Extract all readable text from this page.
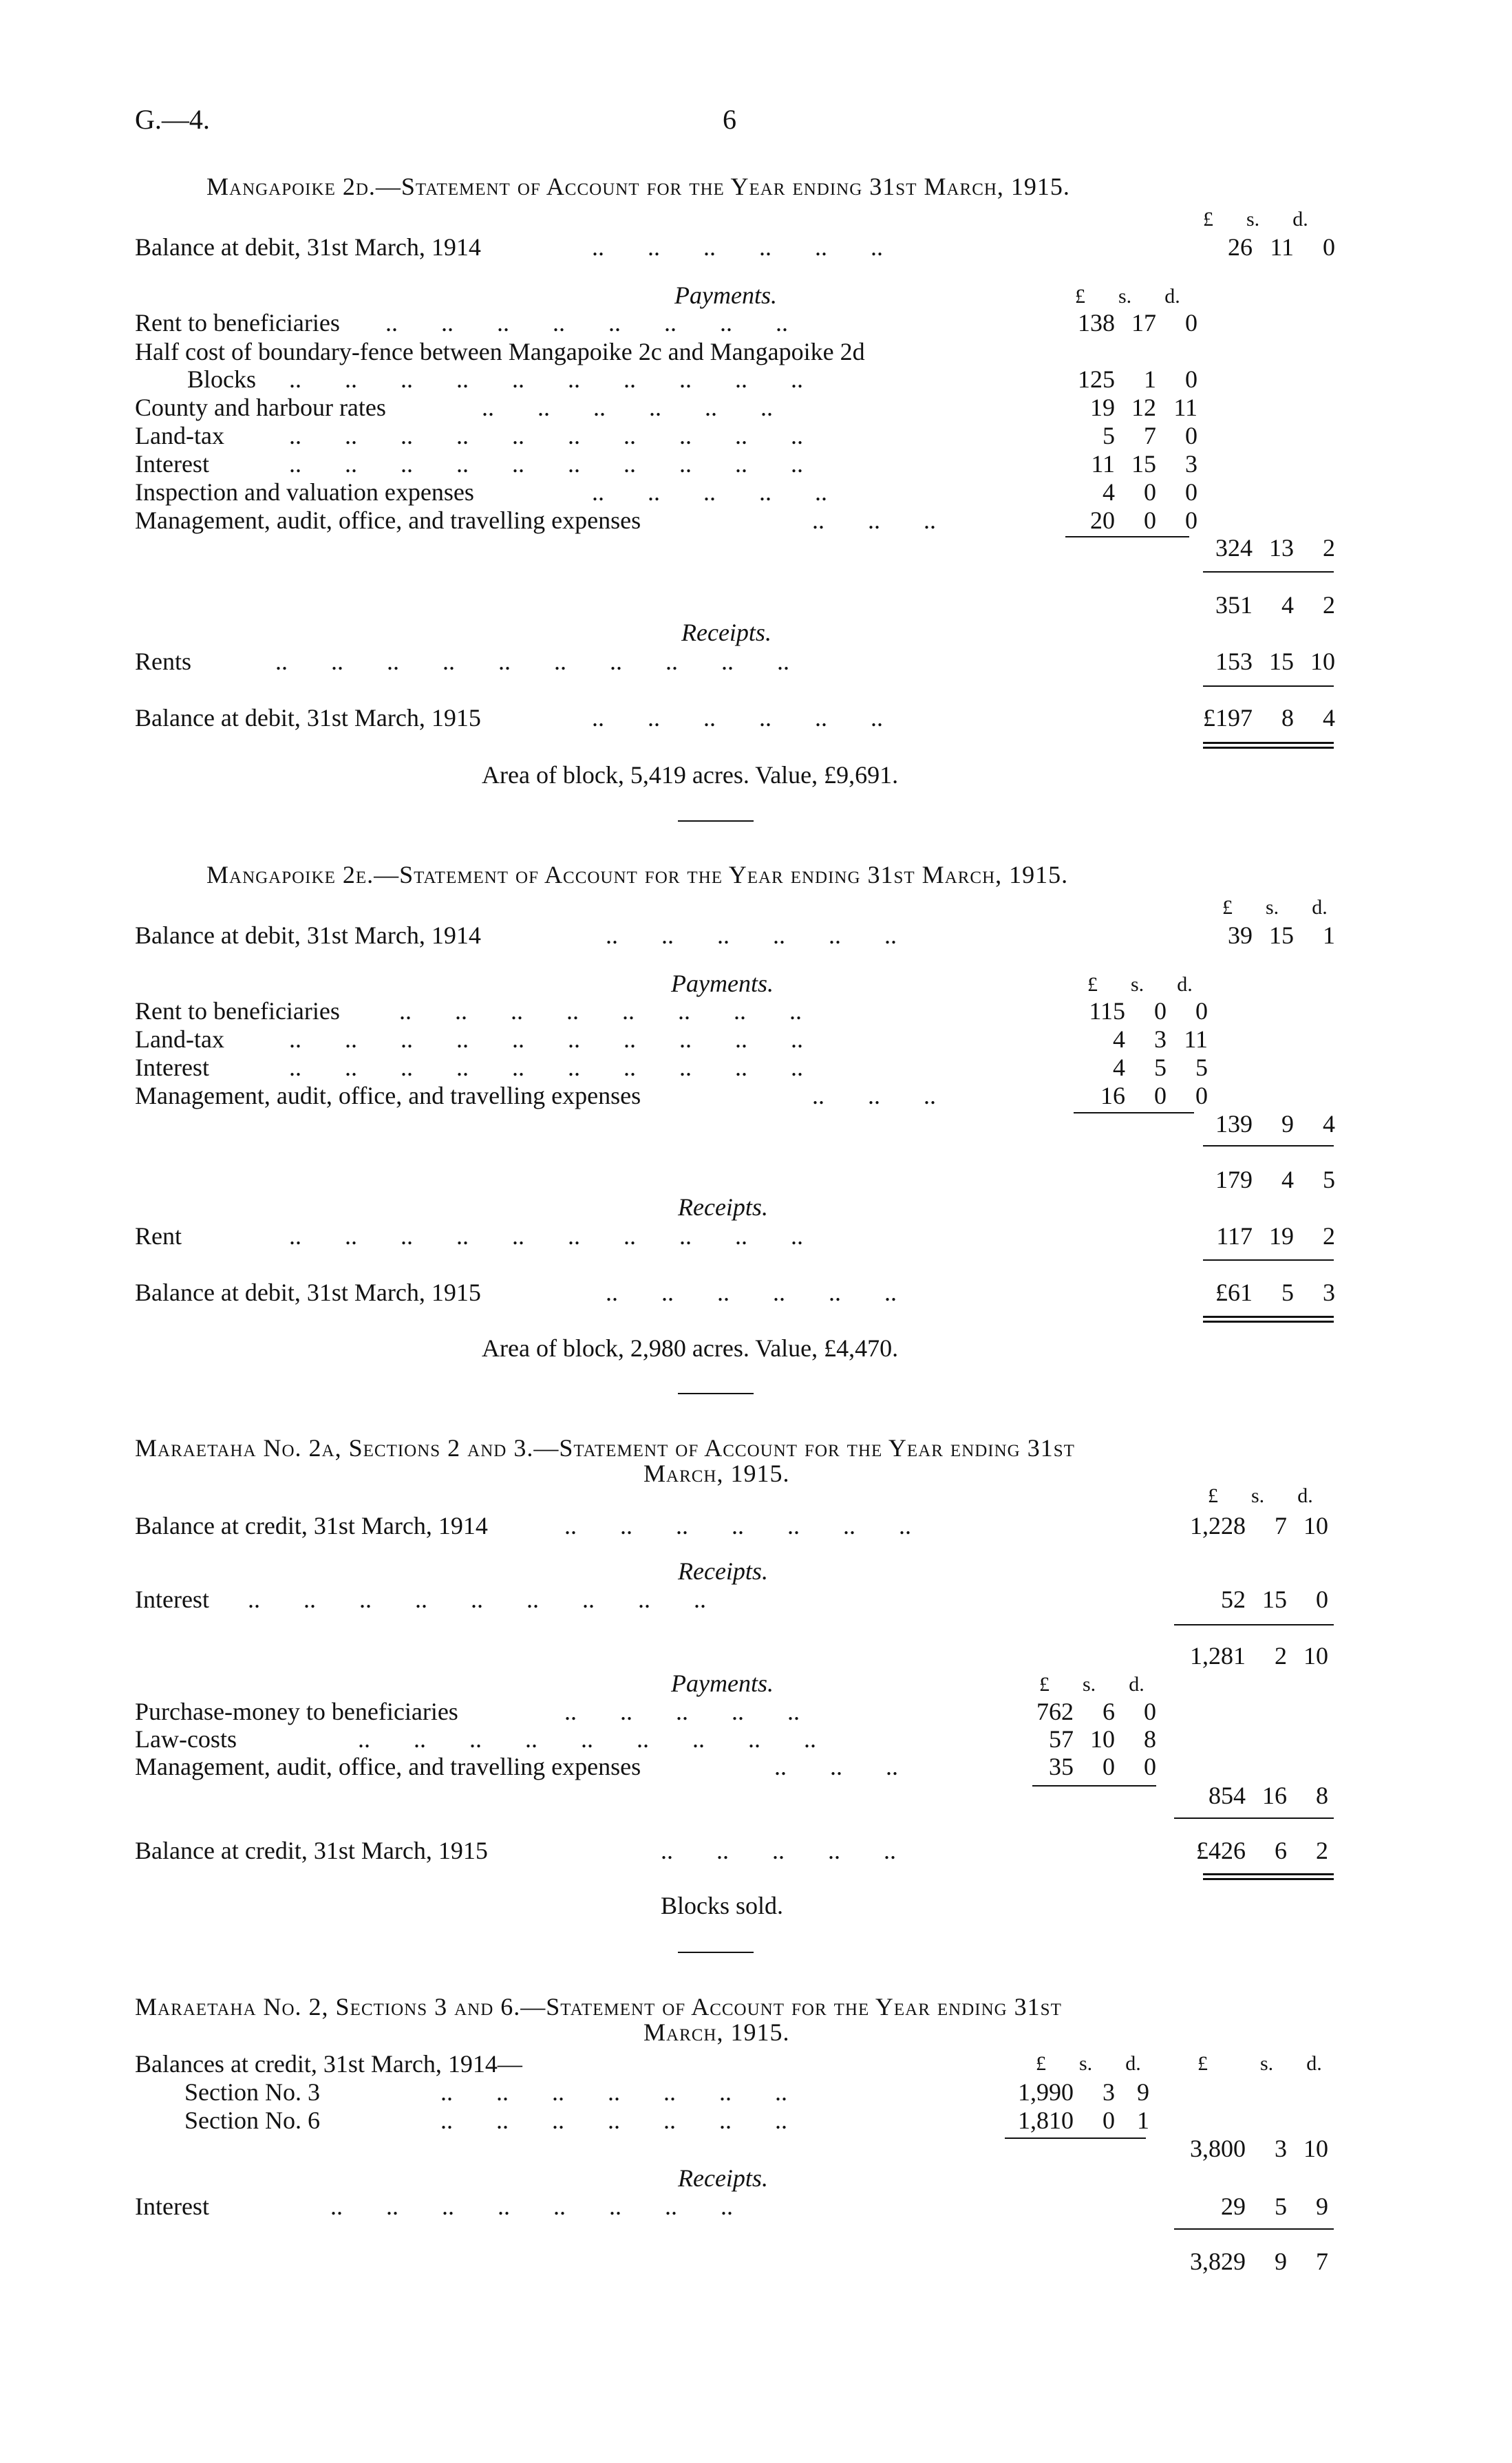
G.—4.	6
Mangapoike 2d.—Statement of Account for the Year ending 31st March, 1915.
£ s. d.
Balance at debit, 31st March, 1914	..       ..       ..       ..       ..       ..	26 11 0
Payments.	£ s. d.
Rent to beneficiaries ..       ..       ..       ..       ..       ..       ..       ..	138 17 0
Half cost of boundary-fence between Mangapoike 2c and Mangapoike 2d
Blocks ..       ..       ..       ..       ..       ..       ..       ..       ..       ..	125 1 0
County and harbour rates	..       ..       ..       ..       ..       ..	19 12 11
Land-tax	..       ..       ..       ..       ..       ..       ..       ..       ..       ..	5 7 0
Interest	..       ..       ..       ..       ..       ..       ..       ..       ..       ..	11 15 3
Inspection and valuation expenses	..       ..       ..       ..       ..	4 0 0
Management, audit, office, and travelling expenses	..       ..       ..	20 0 0
324 13 2
351 4 2
Receipts.
Rents	..       ..       ..       ..       ..       ..       ..       ..       ..       ..	153 15 10
Balance at debit, 31st March, 1915	..       ..       ..       ..       ..       ..	£197 8 4
Area of block, 5,419 acres. Value, £9,691.
Mangapoike 2e.—Statement of Account for the Year ending 31st March, 1915.
£ s. d.
Balance at debit, 31st March, 1914	..       ..       ..       ..       ..       ..	39 15 1
Payments.	£ s. d.
Rent to beneficiaries ..       ..       ..       ..       ..       ..       ..       ..	115 0 0
Land-tax	..       ..       ..       ..       ..       ..       ..       ..       ..       ..	4 3 11
Interest	..       ..       ..       ..       ..       ..       ..       ..       ..       ..	4 5 5
Management, audit, office, and travelling expenses	..       ..       ..	16 0 0
139 9 4
179 4 5
Receipts.
Rent	..       ..       ..       ..       ..       ..       ..       ..       ..       ..	117 19 2
Balance at debit, 31st March, 1915	..       ..       ..       ..       ..       ..	£61 5 3
Area of block, 2,980 acres. Value, £4,470.
Maraetaha No. 2a, Sections 2 and 3.—Statement of Account for the Year ending 31st
March, 1915.
£ s. d.
Balance at credit, 31st March, 1914	..       ..       ..       ..       ..       ..       ..	1,228 7 10
Receipts.
Interest ..       ..       ..       ..       ..       ..       ..       ..       ..	52 15 0
1,281 2 10
Payments.	£ s. d.
Purchase-money to beneficiaries	..       ..       ..       ..       ..	762 6 0
Law-costs	..       ..       ..       ..       ..       ..       ..       ..       ..	57 10 8
Management, audit, office, and travelling expenses	..       ..       ..	35 0 0
854 16 8
Balance at credit, 31st March, 1915	..       ..       ..       ..       ..	£426 6 2
Blocks sold.
Maraetaha No. 2, Sections 3 and 6.—Statement of Account for the Year ending 31st
March, 1915.
Balances at credit, 31st March, 1914—	£ s. d.	£	s. d.
Section No. 3	..       ..       ..       ..       ..       ..       ..	1,990 3 9
Section No. 6	..       ..       ..       ..       ..       ..       ..	1,810 0 1
3,800 3 10
Receipts.
Interest	..       ..       ..       ..       ..       ..       ..       ..	29 5 9
3,829 9 7
